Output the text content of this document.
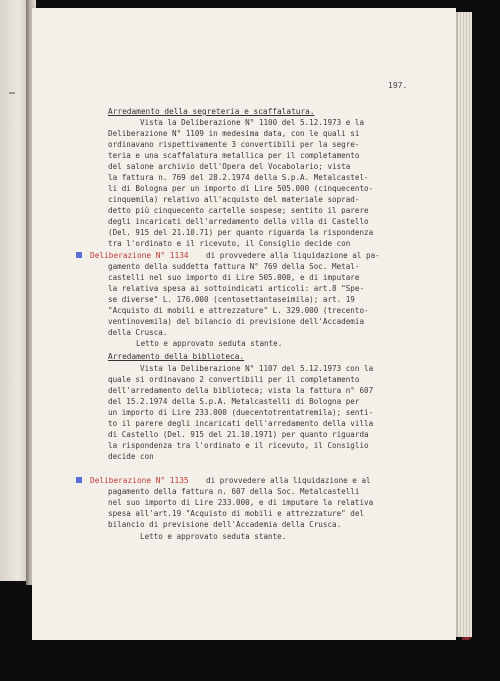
197.
Arredamento della segreteria e scaffalatura.
Vista la Deliberazione N° 1100 del 5.12.1973 e la
Deliberazione N° 1109 in medesima data, con le quali si
ordinavano rispettivamente 3 convertibili per la segre-
teria e una scaffalatura metallica per il completamento
del salone archivio dell'Opera del Vocabolario; vista
la fattura n. 769 del 28.2.1974 della S.p.A. Metalcastel-
li di Bologna per un importo di Lire 505.000 (cinquecento-
cinquemila) relativo all'acquisto del materiale soprad-
detto più cinquecento cartelle sospese; sentito il parere
degli incaricati dell'arredamento della villa di Castello
(Del. 915 del 21.10.71) per quanto riguarda la rispondenza
tra l'ordinato e il ricevuto, il Consiglio decide con
Deliberazione N° 1134 di provvedere alla liquidazione al pa-
gamento della suddetta fattura N° 769 della Soc. Metal-
castelli nel suo importo di Lire 505.000, e di imputare
la relativa spesa ai sottoindicati articoli: art.8 "Spe-
se diverse" L. 176.000 (centosettantaseimila); art. 19
"Acquisto di mobili e attrezzature" L. 329.000 (trecento-
ventinovemila) del bilancio di previsione dell'Accademia
della Crusca.
Letto e approvato seduta stante.
Arredamento della biblioteca.
Vista la Deliberazione N° 1107 del 5.12.1973 con la
quale si ordinavano 2 convertibili per il completamento
dell'arredamento della biblioteca; vista la fattura n° 607
del 15.2.1974 della S.p.A. Metalcastelli di Bologna per
un importo di Lire 233.000 (duecentotrentatremila); senti-
to il parere degli incaricati dell'arredamento della villa
di Castello (Del. 915 del 21.10.1971) per quanto riguarda
la rispondenza tra l'ordinato e il ricevuto, il Consiglio
decide con
Deliberazione N° 1135 di provvedere alla liquidazione e al
pagamento della fattura n. 607 della Soc. Metalcastelli
nel suo importo di Lire 233.000, e di imputare la relativa
spesa all'art.19 "Acquisto di mobili e attrezzature" del
bilancio di previsione dell'Accademia della Crusca.
Letto e approvato seduta stante.
